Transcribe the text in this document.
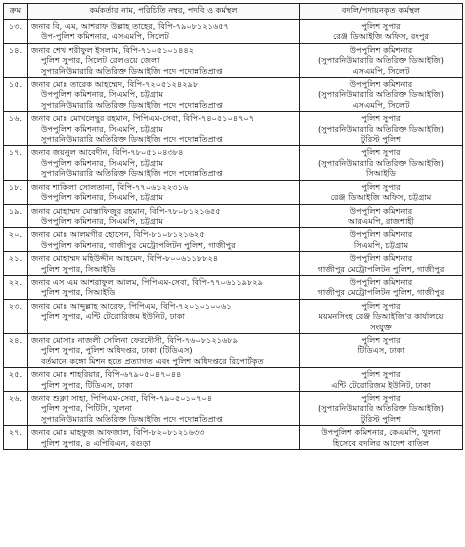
ক্রম	কর্মকর্তার নাম, পরিচিতি নম্বর, পদবি ও কর্মস্থল	বদলি/পদায়নকৃত কর্মস্থল
১৩.	জনাব বি, এম, আশরাফ উল্লাহ তাহের, বিপি-৭৯০৮১২১৬৫৭
উপ-পুলিশ কমিশনার, এসএমপি, সিলেট	পুলিশ সুপার
রেঞ্জ ডিআইজি অফিস, রংপুর

১৪.	জনাব শেখ শরীফুল ইসলাম, বিপি-৭১০৫১০১৪৪২
পুলিশ সুপার, সিলেট রেলওয়ে জেলা
সুপারনিউমারারি অতিরিক্ত ডিআইজি পদে পদোন্নতিপ্রাপ্ত	উপপুলিশ কমিশনার
(সুপারনিউমারারি অতিরিক্ত ডিআইজি)
এসএমপি, সিলেট

১৫.	জনাব মোঃ তারেক আহম্মেদ, বিপি-৭২০৫১২৪২৯৮
উপপুলিশ কমিশনার, সিএমপি, চট্টগ্রাম
সুপারনিউমারারি অতিরিক্ত ডিআইজি পদে পদোন্নতিপ্রাপ্ত	উপপুলিশ কমিশনার
(সুপারনিউমারারি অতিরিক্ত ডিআইজি)
এসএমপি, সিলেট

১৬.	জনাব মোঃ মোখলেছুর রহমান, পিপিএম-সেবা, বিপি-৭৪০৫১০৪৭০৭
উপপুলিশ কমিশনার, সিএমপি, চট্টগ্রাম
সুপারনিউমারারি অতিরিক্ত ডিআইজি পদে পদোন্নতিপ্রাপ্ত	পুলিশ সুপার
(সুপারনিউমারারি অতিরিক্ত ডিআইজি)
টুরিস্ট পুলিশ

১৭.	জনাব জয়নুল আবেদীন, বিপি-৭৮০৫১০৪৩৮৪
উপপুলিশ কমিশনার, সিএমপি, চট্টগ্রাম
সুপারনিউমারারি অতিরিক্ত ডিআইজি পদে পদোন্নতিপ্রাপ্ত	পুলিশ সুপার
(সুপারনিউমারারি অতিরিক্ত ডিআইজি)
সিআইডি

১৮.	জনাব শাকিলা সোলতানা, বিপি-৭৭০৬১২২৩১৬
উপপুলিশ কমিশনার, সিএমপি, চট্টগ্রাম	পুলিশ সুপার
রেঞ্জ ডিআইজি অফিস, চট্টগ্রাম

১৯.	জনাব মোহাম্মদ মোস্তাফিজুর রহমান, বিপি-৭৮০৮১২১৬৫৫
উপপুলিশ কমিশনার, সিএমপি, চট্টগ্রাম	উপপুলিশ কমিশনার
আরএমপি, রাজশাহী

২০.	জনাব মোঃ আলমগীর হোসেন, বিপি-৮১০৮১২১৬২৫
উপপুলিশ কমিশনার, গাজীপুর মেট্রোপলিটন পুলিশ, গাজীপুর	উপপুলিশ কমিশনার
সিএমপি, চট্টগ্রাম

২১.	জনাব মোহাম্মদ মহিউদ্দীন আহমেদ, বিপি-৮০০৬১১৮৮২৪
পুলিশ সুপার, সিআইডি	উপপুলিশ কমিশনার
গাজীপুর মেট্রোপলিটন পুলিশ, গাজীপুর

২২.	জনাব এস এম আশরাফুল আলম, পিপিএম-সেবা, বিপি-৭৭০৬১১৯৮২৯
পুলিশ সুপার, সিআইডি	উপপুলিশ কমিশনার
গাজীপুর মেট্রোপলিটন পুলিশ, গাজীপুর

২৩.	জনাব মোঃ আব্দুল্লাহ আরেফ, পিপিএম, বিপি-৭২০১০১০০৬১
পুলিশ সুপার, এন্টি টেরোরিজম ইউনিট, ঢাকা	পুলিশ সুপার
ময়মনসিংহ রেঞ্জ ডিআইজি'র কার্যালয়ে
সংযুক্ত

২৪.	জনাব মোসাঃ নাজলী সেলিনা ফেরদৌসী, বিপি-৭৬০৮১২১৬৮৯
পুলিশ সুপার, পুলিশ অধিদপ্তর, ঢাকা (টিডিএস)
বর্তমানে কঙ্গো মিশন হতে প্রত্যাগত এবং পুলিশ অধিদপ্তরে রিপোর্টকৃত	পুলিশ সুপার
টিডিএস, ঢাকা

২৫.	জনাব মোঃ শাহরিয়ার, বিপি-৬৭৯০৫০৪৭০৪৪
পুলিশ সুপার, টিডিএস, ঢাকা	পুলিশ সুপার
এন্টি টেরোরিজম ইউনিট, ঢাকা

২৬.	জনাব শুক্লা সাহা, পিপিএম-সেবা, বিপি-৭৯০৫০১০৭০৪
পুলিশ সুপার, পিটিসি, খুলনা
সুপারনিউমারারি অতিরিক্ত ডিআইজি পদে পদোন্নতিপ্রাপ্ত	পুলিশ সুপার
(সুপারনিউমারারি অতিরিক্ত ডিআইজি)
টুরিস্ট পুলিশ

২৭.	জনাব মোঃ মাহফুজ আফজাল, বিপি-৮২০৮১২১৬৩৩
পুলিশ সুপার, ৪ এপিবিএন, বগুড়া	উপপুলিশ কমিশনার, কেএমপি, খুলনা
হিসেবে বদলির আদেশ বাতিল
